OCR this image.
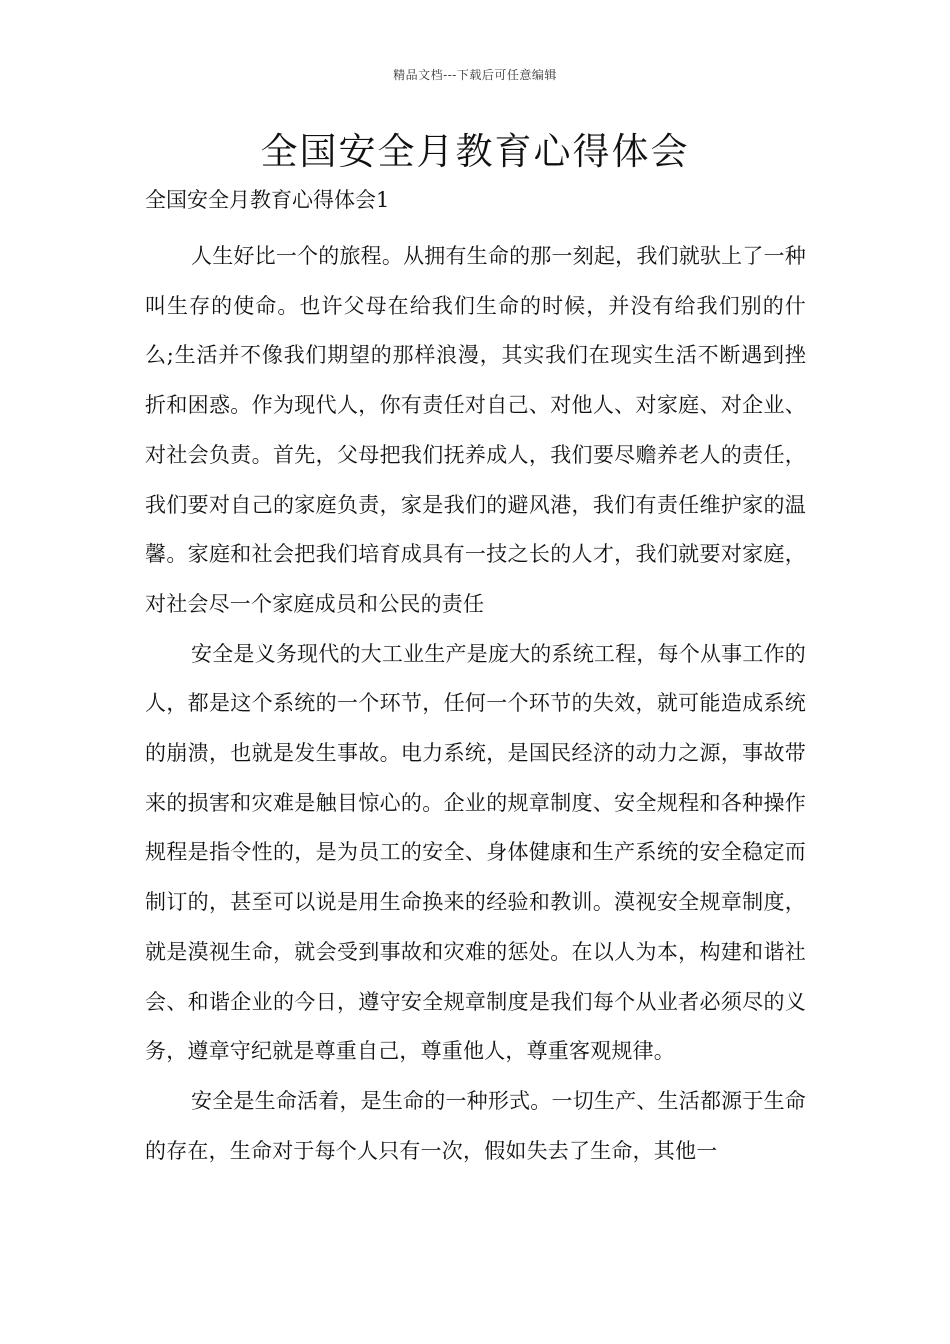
精品文档---下载后可任意编辑
全国安全月教育心得体会

全国安全月教育心得体会1

人生好比一个的旅程。从拥有生命的那一刻起，我们就驮上了一种叫生存的使命。也许父母在给我们生命的时候，并没有给我们别的什么;生活并不像我们期望的那样浪漫，其实我们在现实生活不断遇到挫折和困惑。作为现代人，你有责任对自己、对他人、对家庭、对企业、对社会负责。首先，父母把我们抚养成人，我们要尽赡养老人的责任，我们要对自己的家庭负责，家是我们的避风港，我们有责任维护家的温馨。家庭和社会把我们培育成具有一技之长的人才，我们就要对家庭，对社会尽一个家庭成员和公民的责任

安全是义务现代的大工业生产是庞大的系统工程，每个从事工作的人，都是这个系统的一个环节，任何一个环节的失效，就可能造成系统的崩溃，也就是发生事故。电力系统，是国民经济的动力之源，事故带来的损害和灾难是触目惊心的。企业的规章制度、安全规程和各种操作规程是指令性的，是为员工的安全、身体健康和生产系统的安全稳定而制订的，甚至可以说是用生命换来的经验和教训。漠视安全规章制度，就是漠视生命，就会受到事故和灾难的惩处。在以人为本，构建和谐社会、和谐企业的今日，遵守安全规章制度是我们每个从业者必须尽的义务，遵章守纪就是尊重自己，尊重他人，尊重客观规律。

安全是生命活着，是生命的一种形式。一切生产、生活都源于生命的存在，生命对于每个人只有一次，假如失去了生命，其他一
